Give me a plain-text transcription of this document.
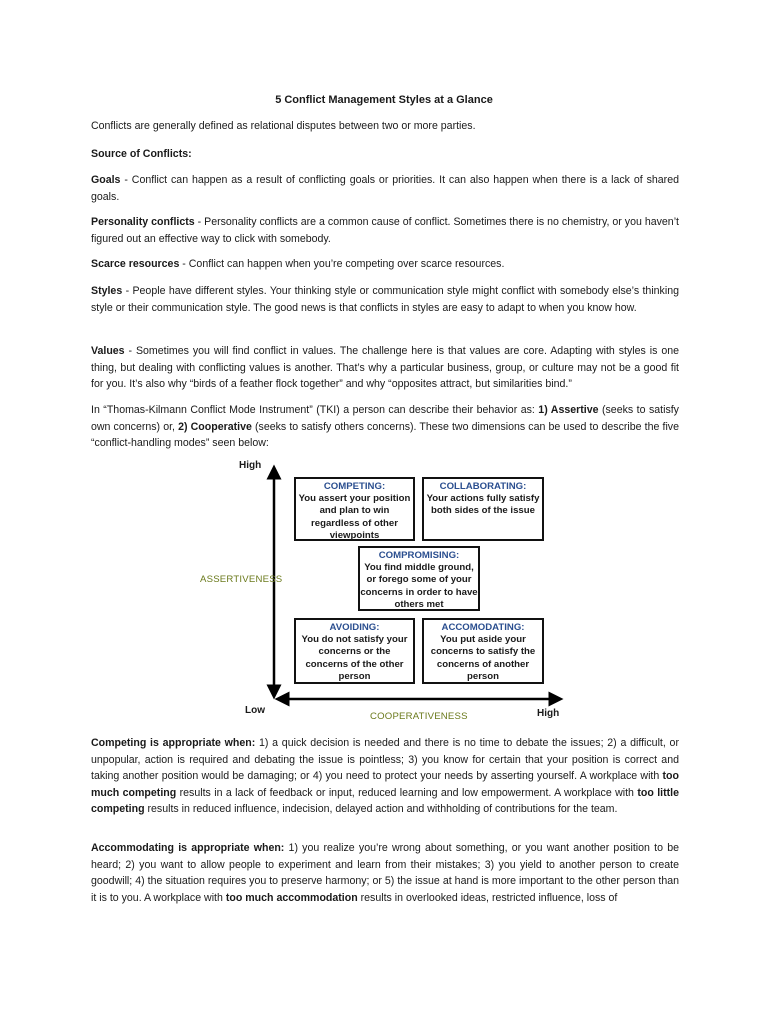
5 Conflict Management Styles at a Glance
Conflicts are generally defined as relational disputes between two or more parties.
Source of Conflicts:
Goals - Conflict can happen as a result of conflicting goals or priorities. It can also happen when there is a lack of shared goals.
Personality conflicts - Personality conflicts are a common cause of conflict. Sometimes there is no chemistry, or you haven’t figured out an effective way to click with somebody.
Scarce resources - Conflict can happen when you’re competing over scarce resources.
Styles - People have different styles. Your thinking style or communication style might conflict with somebody else’s thinking style or their communication style. The good news is that conflicts in styles are easy to adapt to when you know how.
Values - Sometimes you will find conflict in values. The challenge here is that values are core. Adapting with styles is one thing, but dealing with conflicting values is another. That’s why a particular business, group, or culture may not be a good fit for you. It’s also why “birds of a feather flock together” and why “opposites attract, but similarities bind.”
In “Thomas-Kilmann Conflict Mode Instrument” (TKI) a person can describe their behavior as: 1) Assertive (seeks to satisfy own concerns) or, 2) Cooperative (seeks to satisfy others concerns). These two dimensions can be used to describe the five “conflict-handling modes” seen below:
High
Low	High
ASSERTIVENESS
COOPERATIVENESS
COMPETING:
You assert your position and plan to win regardless of other viewpoints
COLLABORATING:
Your actions fully satisfy both sides of the issue
COMPROMISING:
You find middle ground, or forego some of your concerns in order to have others met
AVOIDING:
You do not satisfy your concerns or the concerns of the other person
ACCOMODATING:
You put aside your concerns to satisfy the concerns of another person
Competing is appropriate when: 1) a quick decision is needed and there is no time to debate the issues; 2) a difficult, or unpopular, action is required and debating the issue is pointless; 3) you know for certain that your position is correct and taking another position would be damaging; or 4) you need to protect your needs by asserting yourself. A workplace with too much competing results in a lack of feedback or input, reduced learning and low empowerment. A workplace with too little competing results in reduced influence, indecision, delayed action and withholding of contributions for the team.
Accommodating is appropriate when: 1) you realize you’re wrong about something, or you want another position to be heard; 2) you want to allow people to experiment and learn from their mistakes; 3) you yield to another person to create goodwill; 4) the situation requires you to preserve harmony; or 5) the issue at hand is more important to the other person than it is to you. A workplace with too much accommodation results in overlooked ideas, restricted influence, loss of
